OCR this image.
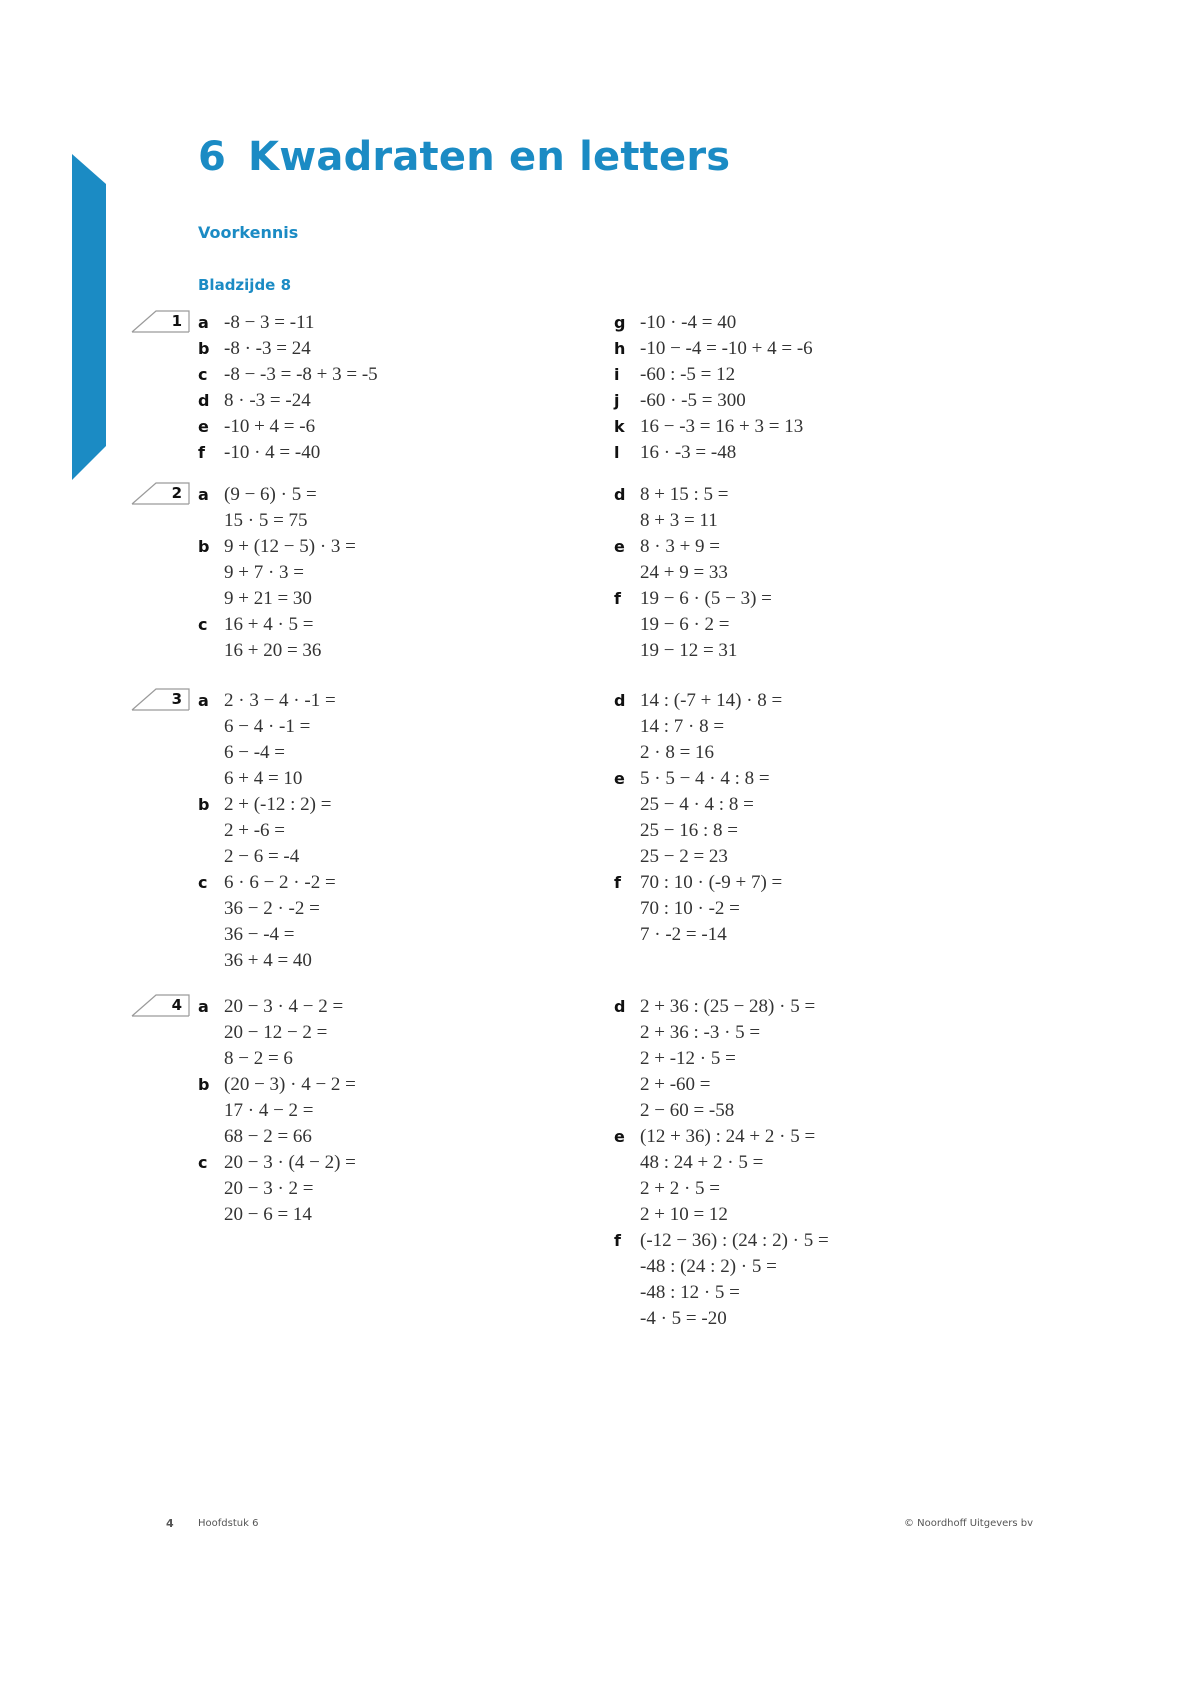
6 Kwadraten en letters
Voorkennis
Bladzijde 8
1 a -8 − 3 = -11
b -8 · -3 = 24
c -8 − -3 = -8 + 3 = -5
d 8 · -3 = -24
e -10 + 4 = -6
f -10 · 4 = -40
g -10 · -4 = 40
h -10 − -4 = -10 + 4 = -6
i -60 : -5 = 12
j -60 · -5 = 300
k 16 − -3 = 16 + 3 = 13
l 16 · -3 = -48
2 a (9 − 6) · 5 =
15 · 5 = 75
b 9 + (12 − 5) · 3 =
9 + 7 · 3 =
9 + 21 = 30
c 16 + 4 · 5 =
16 + 20 = 36
d 8 + 15 : 5 =
8 + 3 = 11
e 8 · 3 + 9 =
24 + 9 = 33
f 19 − 6 · (5 − 3) =
19 − 6 · 2 =
19 − 12 = 31
3 a 2 · 3 − 4 · -1 =
6 − 4 · -1 =
6 − -4 =
6 + 4 = 10
b 2 + (-12 : 2) =
2 + -6 =
2 − 6 = -4
c 6 · 6 − 2 · -2 =
36 − 2 · -2 =
36 − -4 =
36 + 4 = 40
d 14 : (-7 + 14) · 8 =
14 : 7 · 8 =
2 · 8 = 16
e 5 · 5 − 4 · 4 : 8 =
25 − 4 · 4 : 8 =
25 − 16 : 8 =
25 − 2 = 23
f 70 : 10 · (-9 + 7) =
70 : 10 · -2 =
7 · -2 = -14
4 a 20 − 3 · 4 − 2 =
20 − 12 − 2 =
8 − 2 = 6
b (20 − 3) · 4 − 2 =
17 · 4 − 2 =
68 − 2 = 66
c 20 − 3 · (4 − 2) =
20 − 3 · 2 =
20 − 6 = 14
d 2 + 36 : (25 − 28) · 5 =
2 + 36 : -3 · 5 =
2 + -12 · 5 =
2 + -60 =
2 − 60 = -58
e (12 + 36) : 24 + 2 · 5 =
48 : 24 + 2 · 5 =
2 + 2 · 5 =
2 + 10 = 12
f (-12 − 36) : (24 : 2) · 5 =
-48 : (24 : 2) · 5 =
-48 : 12 · 5 =
-4 · 5 = -20
4 Hoofdstuk 6	© Noordhoff Uitgevers bv
